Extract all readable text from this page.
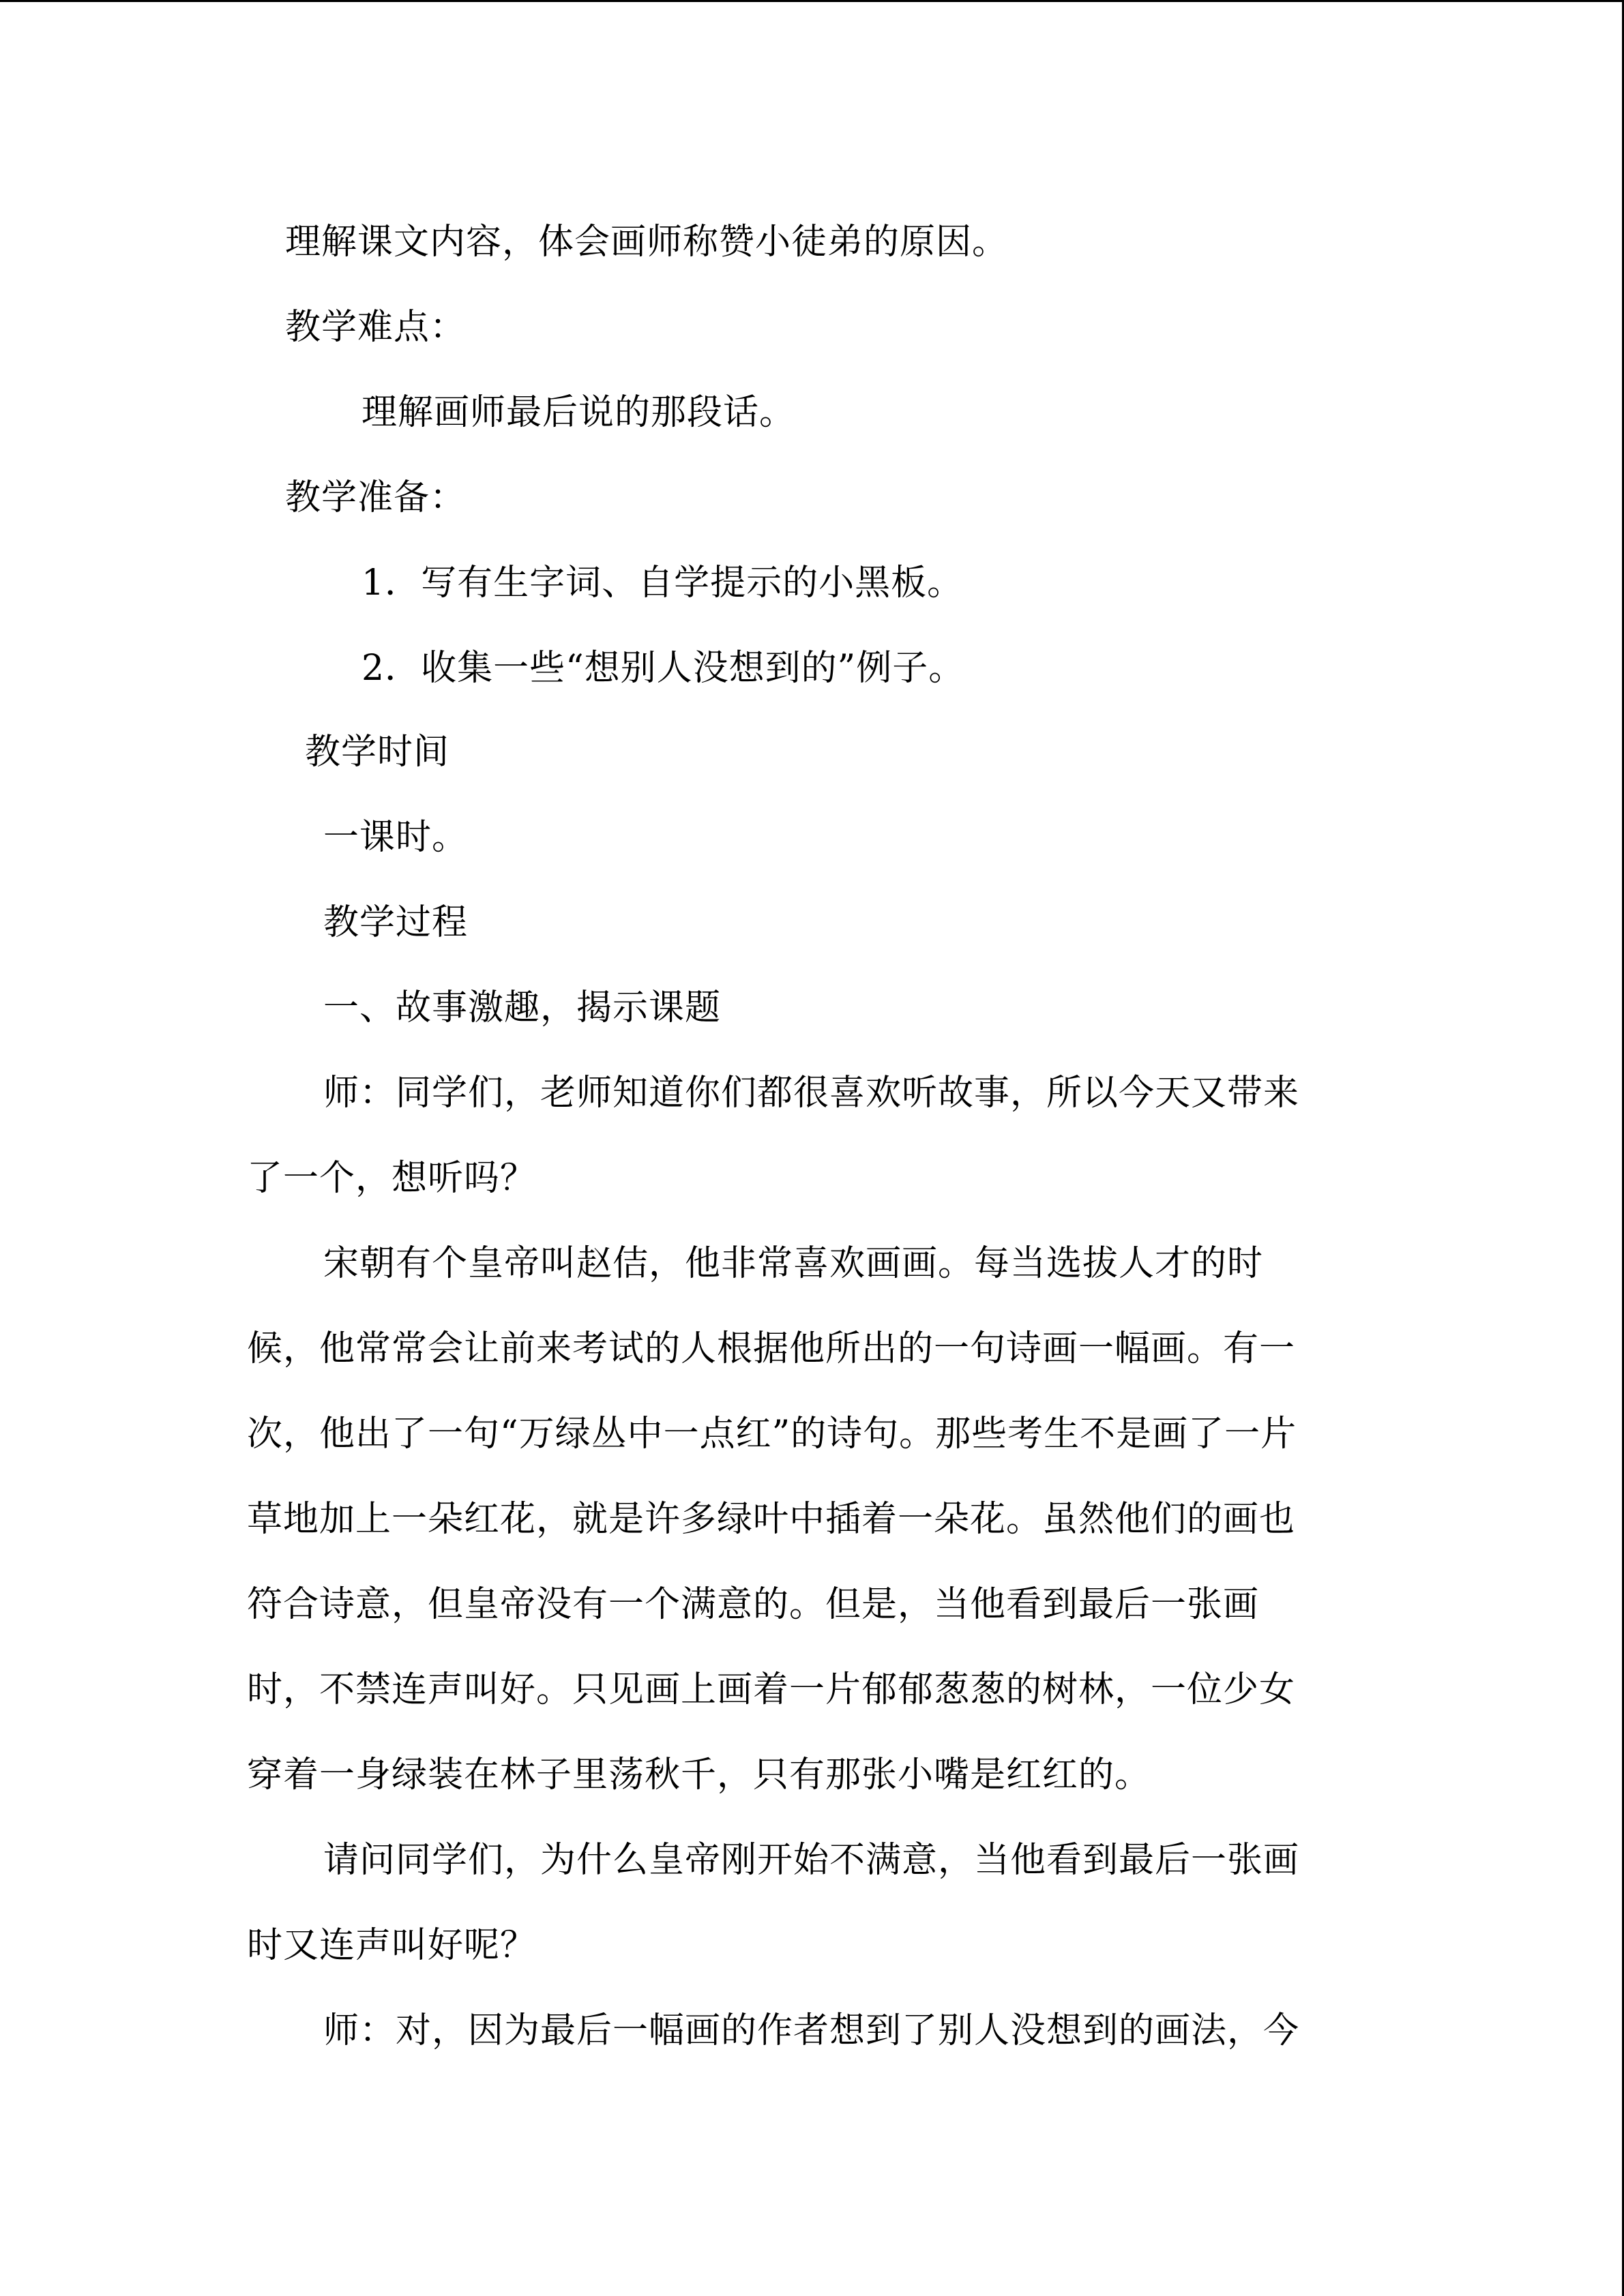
理解课文内容，体会画师称赞小徒弟的原因。
教学难点：
理解画师最后说的那段话。
教学准备：
1．写有生字词、自学提示的小黑板。
2．收集一些“想别人没想到的”例子。
教学时间
一课时。
教学过程
一、故事激趣，揭示课题
师：同学们，老师知道你们都很喜欢听故事，所以今天又带来
了一个，想听吗？
宋朝有个皇帝叫赵佶，他非常喜欢画画。每当选拔人才的时
候，他常常会让前来考试的人根据他所出的一句诗画一幅画。有一
次，他出了一句“万绿丛中一点红”的诗句。那些考生不是画了一片
草地加上一朵红花，就是许多绿叶中插着一朵花。虽然他们的画也
符合诗意，但皇帝没有一个满意的。但是，当他看到最后一张画
时，不禁连声叫好。只见画上画着一片郁郁葱葱的树林，一位少女
穿着一身绿装在林子里荡秋千，只有那张小嘴是红红的。
请问同学们，为什么皇帝刚开始不满意，当他看到最后一张画
时又连声叫好呢？
师：对，因为最后一幅画的作者想到了别人没想到的画法，今
